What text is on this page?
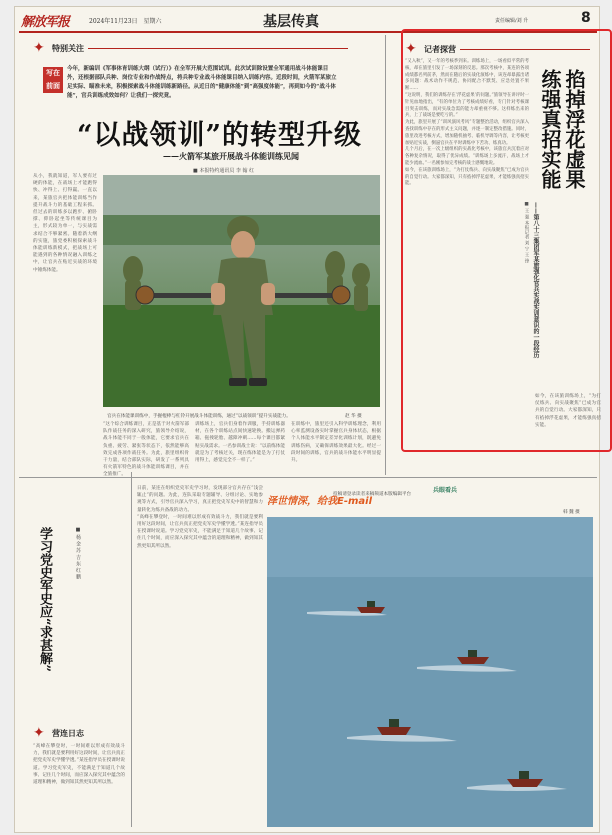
解放军报	2024年11月23日　星期六	基层传真	责任编辑/刘 升	8
✦ 特别关注
写在前面
今年，新编训《军事体育训练大纲（试行）》在全军开展大范围试训。此次试训除设置全军通用战斗体能课目外，还根据部队兵种、岗位专业和作战特点，将兵种专业战斗体能课目纳入训练内容。近段时间，火箭军某旅立足实际、瞄准未来，积极探索战斗体能训练新路径。从近日的“健康体能”到“高强度体能”，再到如今的“战斗体能”，官兵训练成效如何？让我们一探究竟。
“以战领训”的转型升级
——火箭军某旅开展战斗体能训练见闻
■ 本报特约通讯员 李 翰 红
从小，我就知道，军人要有过硬的体能，在战场上才能跑得快、冲得上、打得赢。一直以来，某旅官兵把体能训练当作提升战斗力的基础工程来抓。但过去的训练多以跑步、俯卧撑、仰卧起坐等传统课目为主，形式较为单一，与实战需求结合不够紧密。随着新大纲的实施，旅党委积极探索战斗体能训练新模式，把战场上可能遇到的各种情况融入训练之中，让官兵在贴近实战的环境中锤炼体能。
官兵在体能课训练中，手握棍棒与杠铃开展战斗体能训练，通过“以战领训”提升实战能力。	赵 华 摄
“这个综合训练课目，正是基于对火箭军部队作战任务的深入研究，旅领导介绍说，战斗体能不同于一般体能，它要求官兵在负重、疲劳、紧张等状态下，依然能够高效完成各项作战任务。为此，旅里组织骨干力量，结合部队实际，研发了一系列具有火箭军特色的战斗体能训练课目，并在全旅推广。
训练场上，官兵们身着作训服，手持训练器材，在各个训练站点间快速轮换。搬运弹药箱、拖拽轮胎、越障冲刺……每个课目都紧贴实战需求。一名参训战士说：“以前练体能就是为了考核过关，现在练体能是为了打仗用得上，感觉完全不一样了。”
在训练中，旅里还引入科学训练理念，利用心率监测设备实时掌握官兵身体状态，根据个人体能水平制定差异化训练计划，既避免训练伤病，又确保训练效果最大化。经过一段时间的训练，官兵的战斗体能水平明显提升。
✦ 记者探营
“又入秋”，又一年的考核季到来。训练场上，一场看似平常的考核，却在旅里引发了一场深刻的反思。那次考核中，某连的各项成绩都名列前茅，然而在随后的实战化演练中，该连却暴露出诸多问题：战术动作不规范、协同配合不默契、应急处置不果断……
“这说明，我们的训练存在‘浮花虚果’的问题。”旅领导在讲评时一针见血地指出，“有的单位为了考核成绩好看，专门针对考核课目突击训练，而对实战急需的能力却重视不够。这样练出来的兵，上了战场是要吃亏的。”
为此，旅里开展了“训风演风考风”专题整治活动，组织官兵深入查找训练中存在的形式主义问题，并逐一制定整改措施。同时，旅里改进考核方式，增加随机抽考、临机导调等内容，让考核更加贴近实战，倒逼官兵在平时训练中下苦功、练真功。
几个月后，在一次上级组织的实战化考核中，该旅官兵沉着应对各种复杂情况，取得了优异成绩。“训练场上多流汗，战场上才能少流血。”一名刚参加完考核的战士感慨地说。
如今，在该旅训练场上，“为打仗练兵、向实战聚焦”已成为官兵的自觉行动。大家都深知，只有掐掉浮花虚果，才能练强真招实能。	掐掉浮花虚果
练强真招实能
——第八十三集团军某旅强化官兵实战实训意识的一段经历
■ 王 强 本报记者 刘 宁 王 锋
如今，在该旅训练场上，“为打仗练兵、向实战聚焦”已成为官兵的自觉行动。大家都深知，只有掐掉浮花虚果，才能练强真招实能。
学习党史军史应“求甚解”	■ 杨 金 苏 吉 东 红 鹏
✦ 营连日志
“高峰在攀登时，一时间难以形成有效战斗力，我们就是要利用好这段时间，让官兵真正把党史军史学懂学透。”某连指导员在授课时说道。学习党史军史，不能满足于知道几个故事、记住几个时间，而应深入探究其中蕴含的道理和精神，做到知其然更知其所以然。
日前，某连在组织党史军史学习时，发现部分官兵存在“浅尝辄止”的问题。为此，连队采取专题辅导、分组讨论、实地参观等方式，引导官兵深入学习，真正把党史军史中的智慧和力量转化为练兵备战的动力。
“高峰在攀登时，一时间难以形成有效战斗力，我们就是要利用好这段时间，让官兵真正把党史军史学懂学透。”某连指导员在授课时说道。学习党史军史，不能满足于知道几个故事、记住几个时间，而应深入探究其中蕴含的道理和精神，做到知其然更知其所以然。
泽世情深，给我E-mail
投稿请登录读者来稿频道本版编辑平台
兵眼看兵
韩 魏 摄
